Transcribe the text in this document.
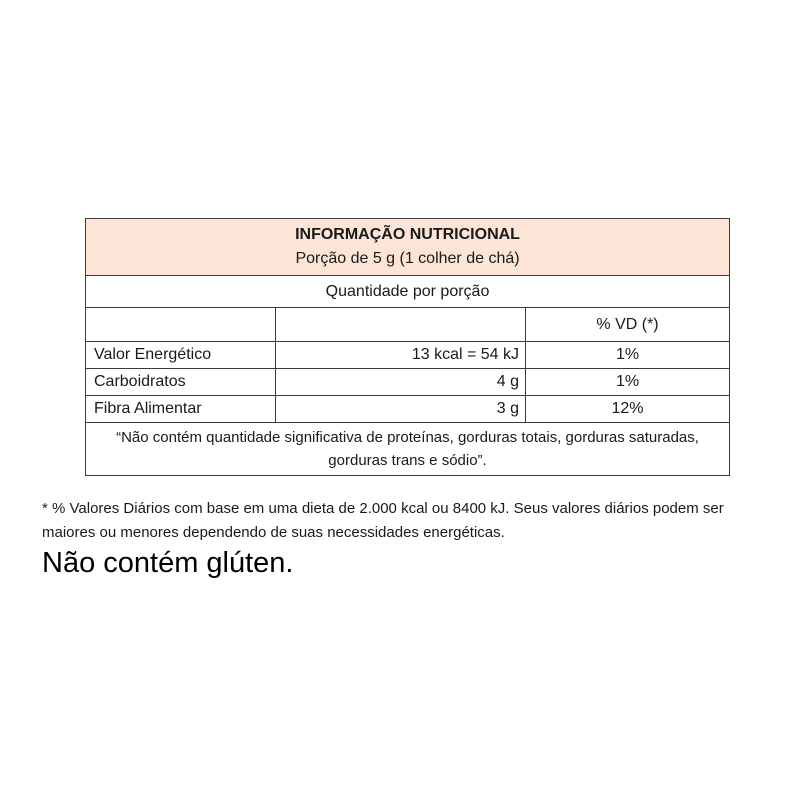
INFORMAÇÃO NUTRICIONAL
Porção de 5 g (1 colher de chá)		

Quantidade por porção		
		% VD (*)
Valor Energético	13 kcal = 54 kJ	1%
Carboidratos	4 g	1%
Fibra Alimentar	3 g	12%
“Não contém quantidade significativa de proteínas, gorduras totais, gorduras saturadas, gorduras trans e sódio”.		

* % Valores Diários com base em uma dieta de 2.000 kcal ou 8400 kJ. Seus valores diários podem ser maiores ou menores dependendo de suas necessidades energéticas.

Não contém glúten.
